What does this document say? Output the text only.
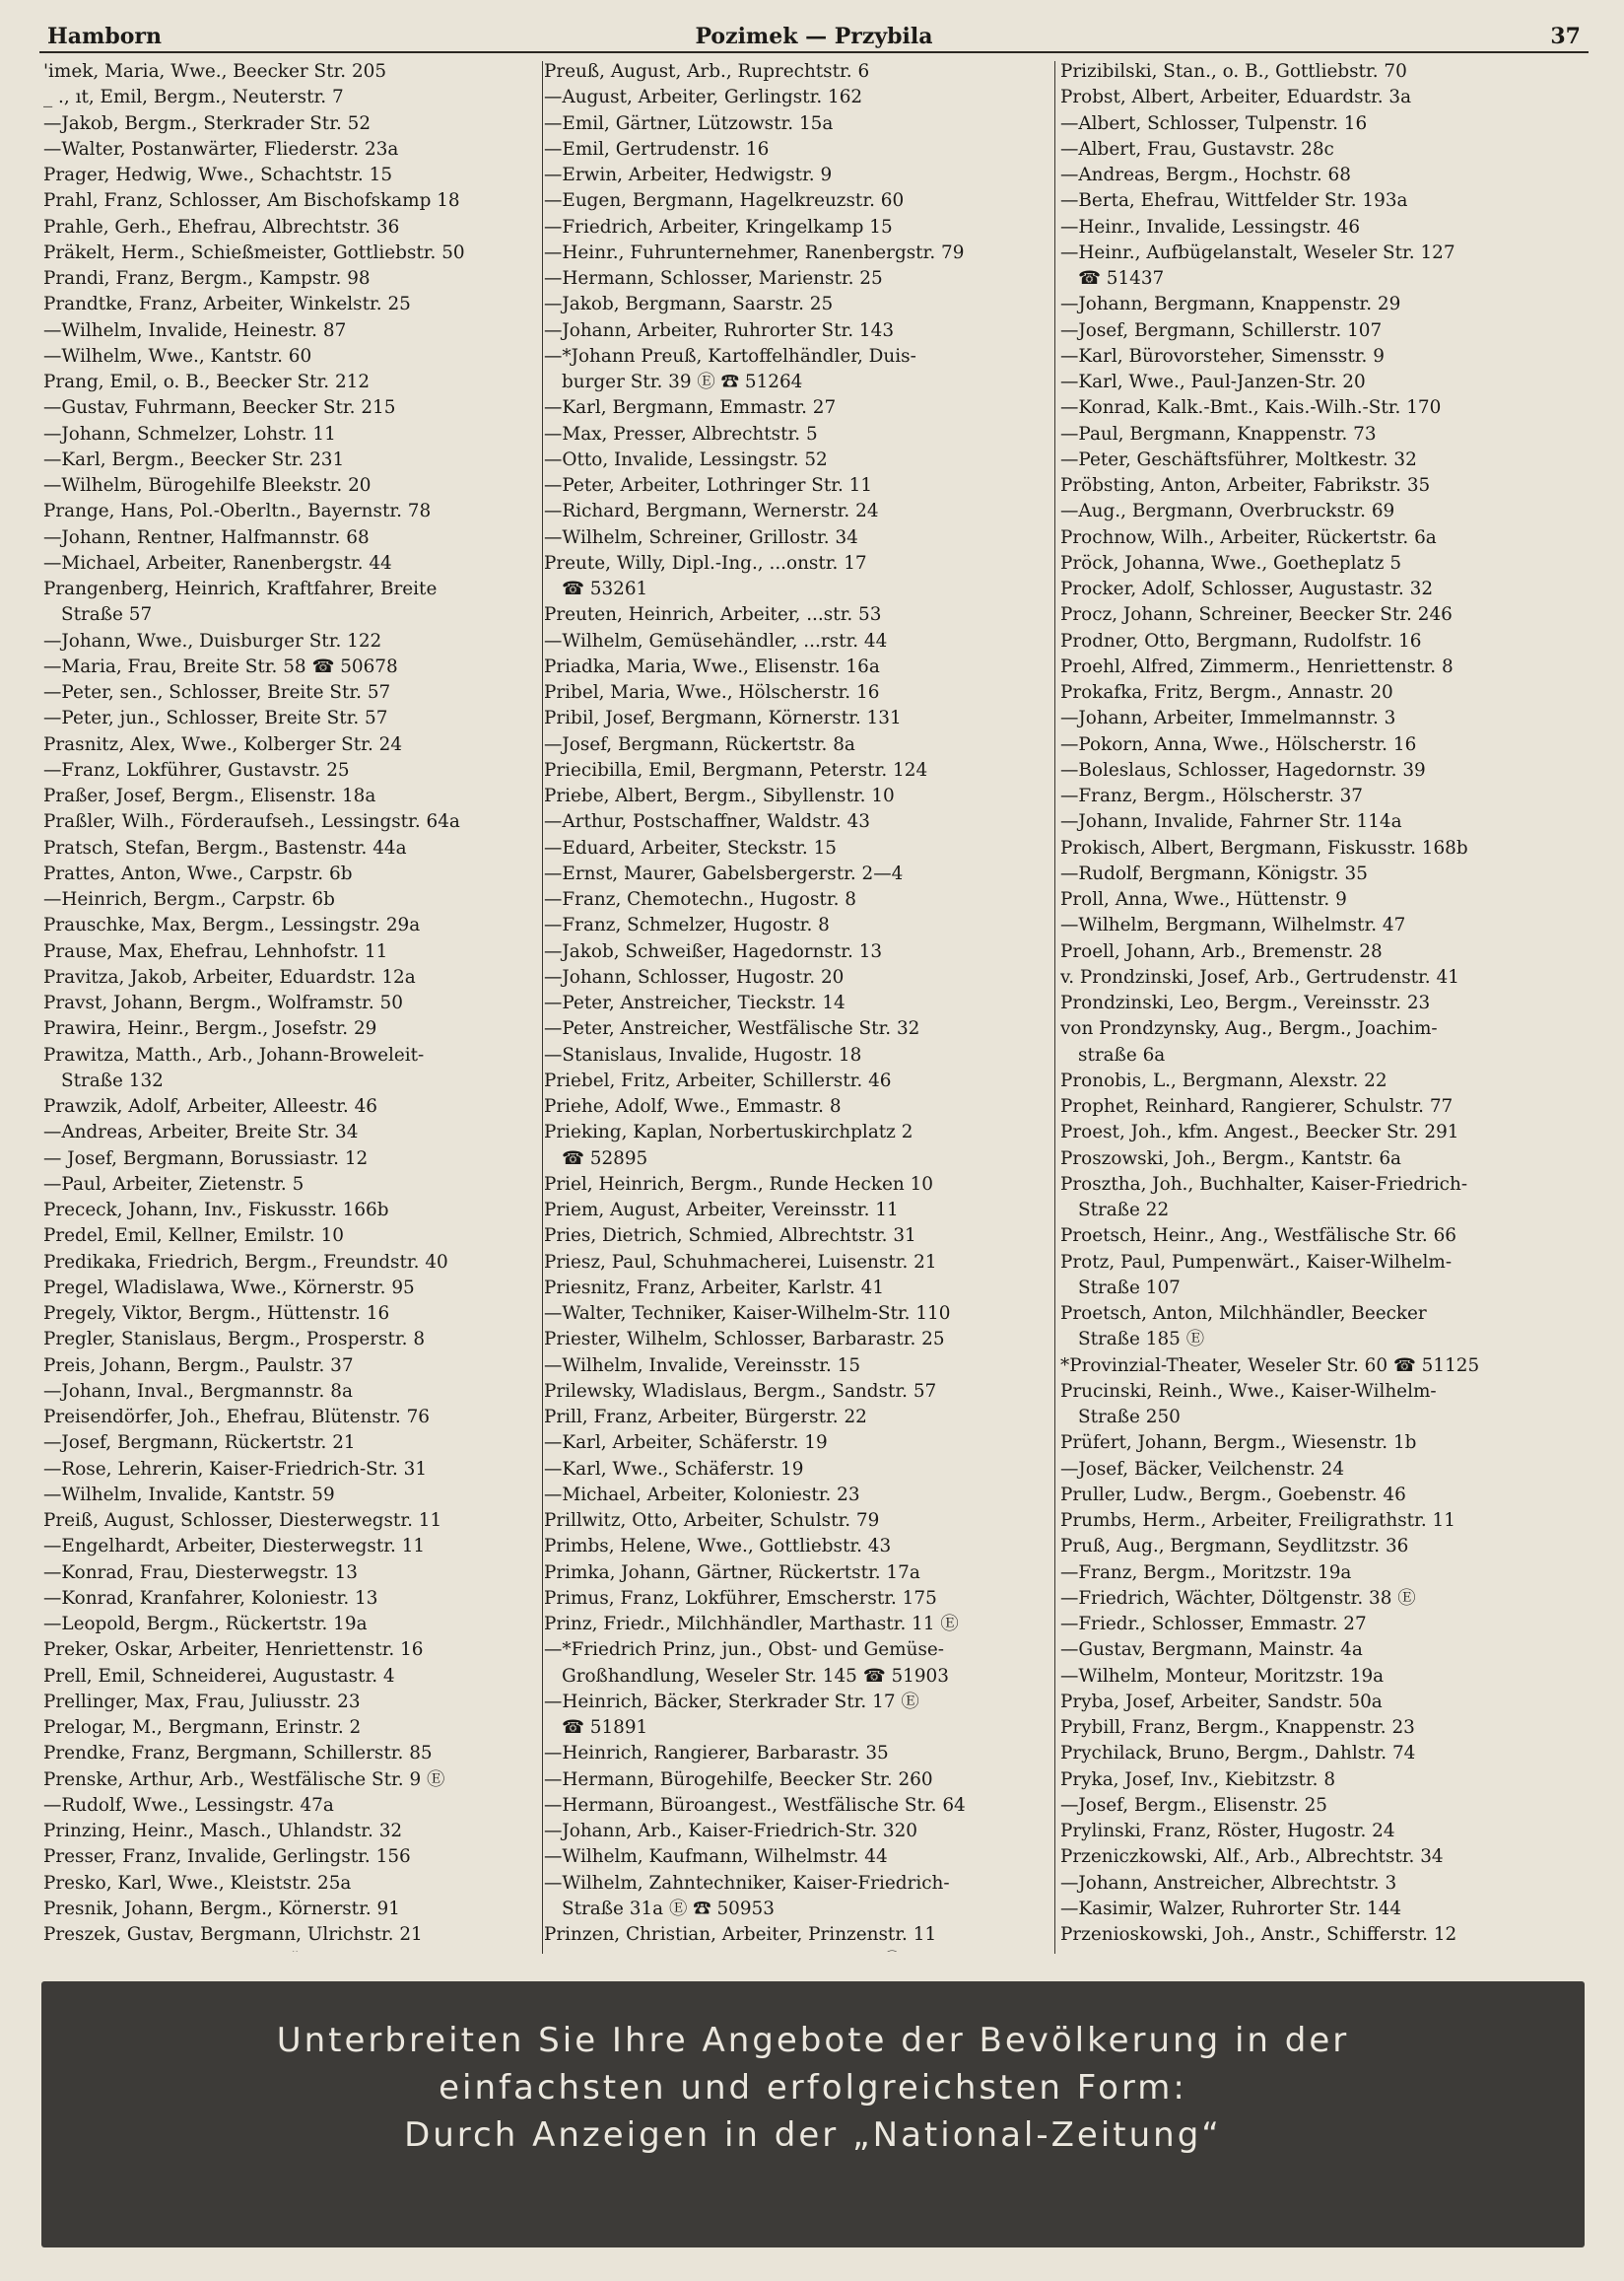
Hamborn	Pozimek — Przybila	37
'imek, Maria, Wwe., Beecker Str. 205
_ ., ıt, Emil, Bergm., Neuterstr. 7
—Jakob, Bergm., Sterkrader Str. 52
—Walter, Postanwärter, Fliederstr. 23a
Prager, Hedwig, Wwe., Schachtstr. 15
Prahl, Franz, Schlosser, Am Bischofskamp 18
Prahle, Gerh., Ehefrau, Albrechtstr. 36
Präkelt, Herm., Schießmeister, Gottliebstr. 50
Prandi, Franz, Bergm., Kampstr. 98
Prandtke, Franz, Arbeiter, Winkelstr. 25
—Wilhelm, Invalide, Heinestr. 87
—Wilhelm, Wwe., Kantstr. 60
Prang, Emil, o. B., Beecker Str. 212
—Gustav, Fuhrmann, Beecker Str. 215
—Johann, Schmelzer, Lohstr. 11
—Karl, Bergm., Beecker Str. 231
—Wilhelm, Bürogehilfe Bleekstr. 20
Prange, Hans, Pol.-Oberltn., Bayernstr. 78
—Johann, Rentner, Halfmannstr. 68
—Michael, Arbeiter, Ranenbergstr. 44
Prangenberg, Heinrich, Kraftfahrer, Breite
Straße 57
—Johann, Wwe., Duisburger Str. 122
—Maria, Frau, Breite Str. 58 ☎ 50678
—Peter, sen., Schlosser, Breite Str. 57
—Peter, jun., Schlosser, Breite Str. 57
Prasnitz, Alex, Wwe., Kolberger Str. 24
—Franz, Lokführer, Gustavstr. 25
Praßer, Josef, Bergm., Elisenstr. 18a
Praßler, Wilh., Förderaufseh., Lessingstr. 64a
Pratsch, Stefan, Bergm., Bastenstr. 44a
Prattes, Anton, Wwe., Carpstr. 6b
—Heinrich, Bergm., Carpstr. 6b
Prauschke, Max, Bergm., Lessingstr. 29a
Prause, Max, Ehefrau, Lehnhofstr. 11
Pravitza, Jakob, Arbeiter, Eduardstr. 12a
Pravst, Johann, Bergm., Wolframstr. 50
Prawira, Heinr., Bergm., Josefstr. 29
Prawitza, Matth., Arb., Johann-Broweleit-
Straße 132
Prawzik, Adolf, Arbeiter, Alleestr. 46
—Andreas, Arbeiter, Breite Str. 34
— Josef, Bergmann, Borussiastr. 12
—Paul, Arbeiter, Zietenstr. 5
Prececk, Johann, Inv., Fiskusstr. 166b
Predel, Emil, Kellner, Emilstr. 10
Predikaka, Friedrich, Bergm., Freundstr. 40
Pregel, Wladislawa, Wwe., Körnerstr. 95
Pregely, Viktor, Bergm., Hüttenstr. 16
Pregler, Stanislaus, Bergm., Prosperstr. 8
Preis, Johann, Bergm., Paulstr. 37
—Johann, Inval., Bergmannstr. 8a
Preisendörfer, Joh., Ehefrau, Blütenstr. 76
—Josef, Bergmann, Rückertstr. 21
—Rose, Lehrerin, Kaiser-Friedrich-Str. 31
—Wilhelm, Invalide, Kantstr. 59
Preiß, August, Schlosser, Diesterwegstr. 11
—Engelhardt, Arbeiter, Diesterwegstr. 11
—Konrad, Frau, Diesterwegstr. 13
—Konrad, Kranfahrer, Koloniestr. 13
—Leopold, Bergm., Rückertstr. 19a
Preker, Oskar, Arbeiter, Henriettenstr. 16
Prell, Emil, Schneiderei, Augustastr. 4
Prellinger, Max, Frau, Juliusstr. 23
Prelogar, M., Bergmann, Erinstr. 2
Prendke, Franz, Bergmann, Schillerstr. 85
Prenske, Arthur, Arb., Westfälische Str. 9 Ⓔ
—Rudolf, Wwe., Lessingstr. 47a
Prinzing, Heinr., Masch., Uhlandstr. 32
Presser, Franz, Invalide, Gerlingstr. 156
Presko, Karl, Wwe., Kleiststr. 25a
Presnik, Johann, Bergm., Körnerstr. 91
Preszek, Gustav, Bergmann, Ulrichstr. 21
Preuß, August, Arb., Ruprechtstr. 6
—August, Arbeiter, Gerlingstr. 162
—Emil, Gärtner, Lützowstr. 15a
—Emil, Gertrudenstr. 16
—Erwin, Arbeiter, Hedwigstr. 9
—Eugen, Bergmann, Hagelkreuzstr. 60
—Friedrich, Arbeiter, Kringelkamp 15
—Heinr., Fuhrunternehmer, Ranenbergstr. 79
—Hermann, Schlosser, Marienstr. 25
—Jakob, Bergmann, Saarstr. 25
—Johann, Arbeiter, Ruhrorter Str. 143
—*Johann Preuß, Kartoffelhändler, Duis-
burger Str. 39 Ⓔ ☎ 51264
—Karl, Bergmann, Emmastr. 27
—Max, Presser, Albrechtstr. 5
—Otto, Invalide, Lessingstr. 52
—Peter, Arbeiter, Lothringer Str. 11
—Richard, Bergmann, Wernerstr. 24
—Wilhelm, Schreiner, Grillostr. 34
Preute, Willy, Dipl.-Ing., ...onstr. 17
☎ 53261
Preuten, Heinrich, Arbeiter, ...str. 53
—Wilhelm, Gemüsehändler, ...rstr. 44
Priadka, Maria, Wwe., Elisenstr. 16a
Pribel, Maria, Wwe., Hölscherstr. 16
Pribil, Josef, Bergmann, Körnerstr. 131
—Josef, Bergmann, Rückertstr. 8a
Priecibilla, Emil, Bergmann, Peterstr. 124
Priebe, Albert, Bergm., Sibyllenstr. 10
—Arthur, Postschaffner, Waldstr. 43
—Eduard, Arbeiter, Steckstr. 15
—Ernst, Maurer, Gabelsbergerstr. 2—4
—Franz, Chemotechn., Hugostr. 8
—Franz, Schmelzer, Hugostr. 8
—Jakob, Schweißer, Hagedornstr. 13
—Johann, Schlosser, Hugostr. 20
—Peter, Anstreicher, Tieckstr. 14
—Peter, Anstreicher, Westfälische Str. 32
—Stanislaus, Invalide, Hugostr. 18
Priebel, Fritz, Arbeiter, Schillerstr. 46
Priehe, Adolf, Wwe., Emmastr. 8
Prieking, Kaplan, Norbertuskirchplatz 2
☎ 52895
Priel, Heinrich, Bergm., Runde Hecken 10
Priem, August, Arbeiter, Vereinsstr. 11
Pries, Dietrich, Schmied, Albrechtstr. 31
Priesz, Paul, Schuhmacherei, Luisenstr. 21
Priesnitz, Franz, Arbeiter, Karlstr. 41
—Walter, Techniker, Kaiser-Wilhelm-Str. 110
Priester, Wilhelm, Schlosser, Barbarastr. 25
—Wilhelm, Invalide, Vereinsstr. 15
Prilewsky, Wladislaus, Bergm., Sandstr. 57
Prill, Franz, Arbeiter, Bürgerstr. 22
—Karl, Arbeiter, Schäferstr. 19
—Karl, Wwe., Schäferstr. 19
—Michael, Arbeiter, Koloniestr. 23
Prillwitz, Otto, Arbeiter, Schulstr. 79
Primbs, Helene, Wwe., Gottliebstr. 43
Primka, Johann, Gärtner, Rückertstr. 17a
Primus, Franz, Lokführer, Emscherstr. 175
Prinz, Friedr., Milchhändler, Marthastr. 11 Ⓔ
—*Friedrich Prinz, jun., Obst- und Gemüse-
Großhandlung, Weseler Str. 145 ☎ 51903
—Heinrich, Bäcker, Sterkrader Str. 17 Ⓔ
☎ 51891
—Heinrich, Rangierer, Barbarastr. 35
—Hermann, Bürogehilfe, Beecker Str. 260
—Hermann, Büroangest., Westfälische Str. 64
—Johann, Arb., Kaiser-Friedrich-Str. 320
—Wilhelm, Kaufmann, Wilhelmstr. 44
—Wilhelm, Zahntechniker, Kaiser-Friedrich-
Straße 31a Ⓔ ☎ 50953
Prinzen, Christian, Arbeiter, Prinzenstr. 11
Prizibilski, Stan., o. B., Gottliebstr. 70
Probst, Albert, Arbeiter, Eduardstr. 3a
—Albert, Schlosser, Tulpenstr. 16
—Albert, Frau, Gustavstr. 28c
—Andreas, Bergm., Hochstr. 68
—Berta, Ehefrau, Wittfelder Str. 193a
—Heinr., Invalide, Lessingstr. 46
—Heinr., Aufbügelanstalt, Weseler Str. 127
☎ 51437
—Johann, Bergmann, Knappenstr. 29
—Josef, Bergmann, Schillerstr. 107
—Karl, Bürovorsteher, Simensstr. 9
—Karl, Wwe., Paul-Janzen-Str. 20
—Konrad, Kalk.-Bmt., Kais.-Wilh.-Str. 170
—Paul, Bergmann, Knappenstr. 73
—Peter, Geschäftsführer, Moltkestr. 32
Pröbsting, Anton, Arbeiter, Fabrikstr. 35
—Aug., Bergmann, Overbruckstr. 69
Prochnow, Wilh., Arbeiter, Rückertstr. 6a
Pröck, Johanna, Wwe., Goetheplatz 5
Procker, Adolf, Schlosser, Augustastr. 32
Procz, Johann, Schreiner, Beecker Str. 246
Prodner, Otto, Bergmann, Rudolfstr. 16
Proehl, Alfred, Zimmerm., Henriettenstr. 8
Prokafka, Fritz, Bergm., Annastr. 20
—Johann, Arbeiter, Immelmannstr. 3
—Pokorn, Anna, Wwe., Hölscherstr. 16
—Boleslaus, Schlosser, Hagedornstr. 39
—Franz, Bergm., Hölscherstr. 37
—Johann, Invalide, Fahrner Str. 114a
Prokisch, Albert, Bergmann, Fiskusstr. 168b
—Rudolf, Bergmann, Königstr. 35
Proll, Anna, Wwe., Hüttenstr. 9
—Wilhelm, Bergmann, Wilhelmstr. 47
Proell, Johann, Arb., Bremenstr. 28
v. Prondzinski, Josef, Arb., Gertrudenstr. 41
Prondzinski, Leo, Bergm., Vereinsstr. 23
von Prondzynsky, Aug., Bergm., Joachim-
straße 6a
Pronobis, L., Bergmann, Alexstr. 22
Prophet, Reinhard, Rangierer, Schulstr. 77
Proest, Joh., kfm. Angest., Beecker Str. 291
Proszowski, Joh., Bergm., Kantstr. 6a
Prosztha, Joh., Buchhalter, Kaiser-Friedrich-
Straße 22
Proetsch, Heinr., Ang., Westfälische Str. 66
Protz, Paul, Pumpenwärt., Kaiser-Wilhelm-
Straße 107
Proetsch, Anton, Milchhändler, Beecker
Straße 185 Ⓔ
*Provinzial-Theater, Weseler Str. 60 ☎ 51125
Prucinski, Reinh., Wwe., Kaiser-Wilhelm-
Straße 250
Prüfert, Johann, Bergm., Wiesenstr. 1b
—Josef, Bäcker, Veilchenstr. 24
Pruller, Ludw., Bergm., Goebenstr. 46
Prumbs, Herm., Arbeiter, Freiligrathstr. 11
Pruß, Aug., Bergmann, Seydlitzstr. 36
—Franz, Bergm., Moritzstr. 19a
—Friedrich, Wächter, Döltgenstr. 38 Ⓔ
—Friedr., Schlosser, Emmastr. 27
—Gustav, Bergmann, Mainstr. 4a
—Wilhelm, Monteur, Moritzstr. 19a
Pryba, Josef, Arbeiter, Sandstr. 50a
Prybill, Franz, Bergm., Knappenstr. 23
Prychilack, Bruno, Bergm., Dahlstr. 74
Pryka, Josef, Inv., Kiebitzstr. 8
—Josef, Bergm., Elisenstr. 25
Prylinski, Franz, Röster, Hugostr. 24
Przeniczkowski, Alf., Arb., Albrechtstr. 34
—Johann, Anstreicher, Albrechtstr. 3
—Kasimir, Walzer, Ruhrorter Str. 144
Przenioskowski, Joh., Anstr., Schifferstr. 12
Unterbreiten Sie Ihre Angebote der Bevölkerung in der
einfachsten und erfolgreichsten Form:
Durch Anzeigen in der „National-Zeitung“
